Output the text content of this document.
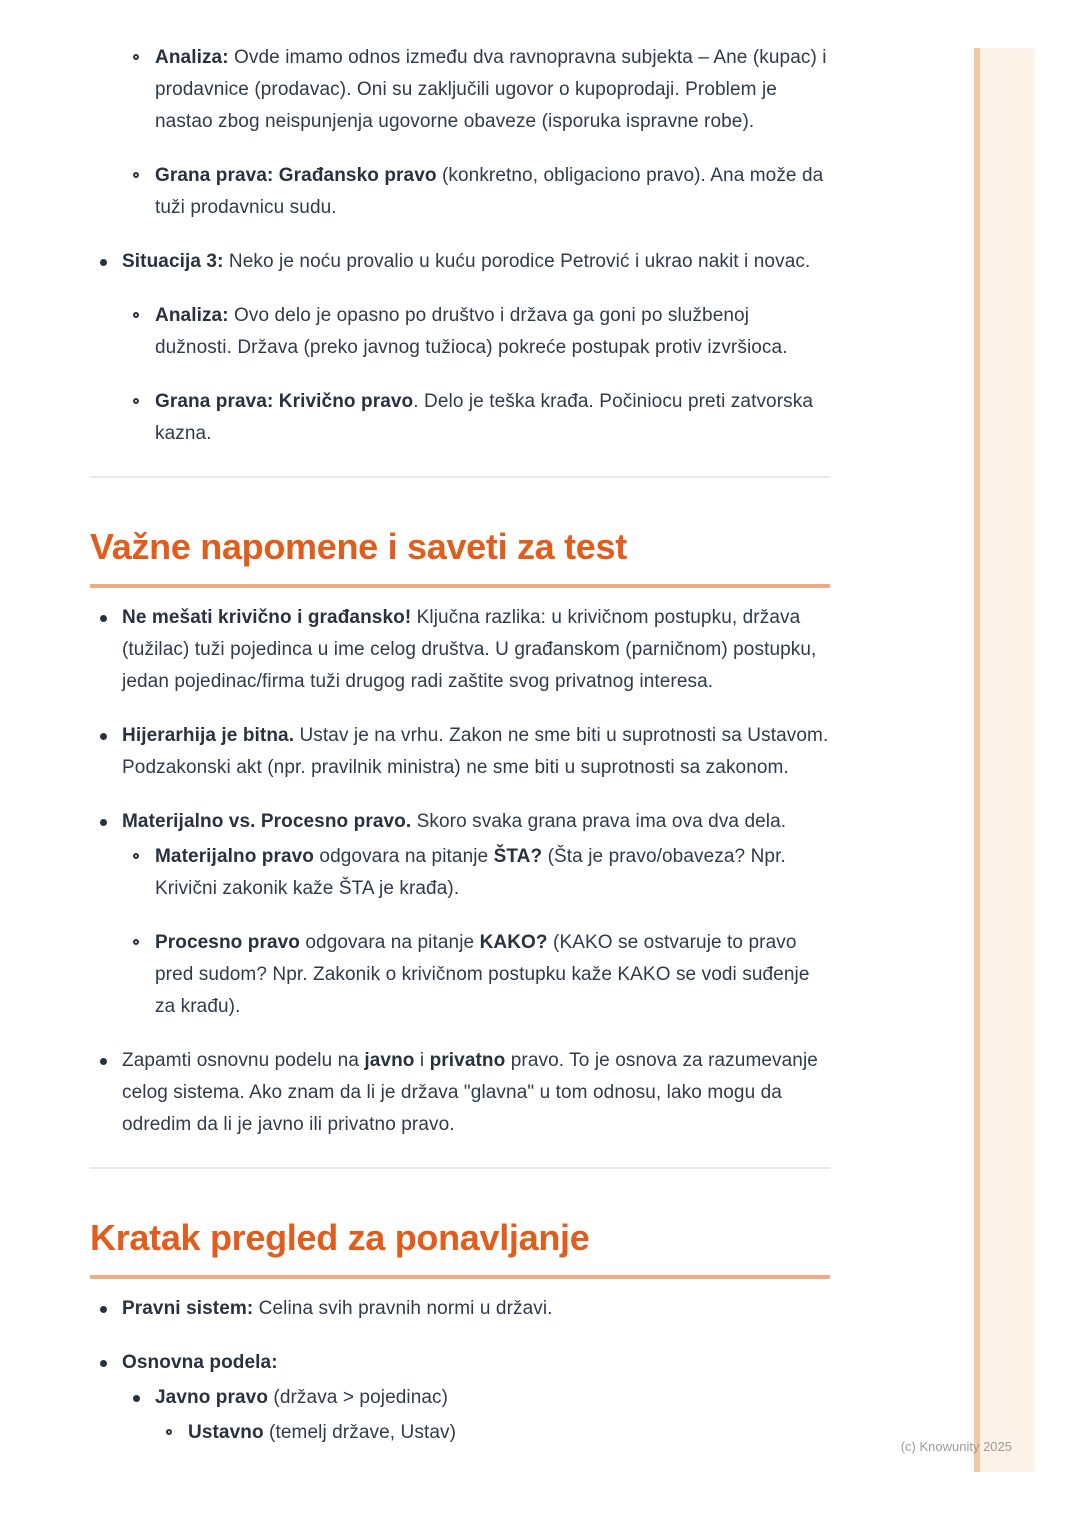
Analiza: Ovde imamo odnos između dva ravnopravna subjekta – Ane (kupac) i prodavnice (prodavac). Oni su zaključili ugovor o kupoprodaji. Problem je nastao zbog neispunjenja ugovorne obaveze (isporuka ispravne robe).
Grana prava: Građansko pravo (konkretno, obligaciono pravo). Ana može da tuži prodavnicu sudu.
Situacija 3: Neko je noću provalio u kuću porodice Petrović i ukrao nakit i novac.
Analiza: Ovo delo je opasno po društvo i država ga goni po službenoj dužnosti. Država (preko javnog tužioca) pokreće postupak protiv izvršioca.
Grana prava: Krivično pravo. Delo je teška krađa. Počiniocu preti zatvorska kazna.
Važne napomene i saveti za test
Ne mešati krivično i građansko! Ključna razlika: u krivičnom postupku, država (tužilac) tuži pojedinca u ime celog društva. U građanskom (parničnom) postupku, jedan pojedinac/firma tuži drugog radi zaštite svog privatnog interesa.
Hijerarhija je bitna. Ustav je na vrhu. Zakon ne sme biti u suprotnosti sa Ustavom. Podzakonski akt (npr. pravilnik ministra) ne sme biti u suprotnosti sa zakonom.
Materijalno vs. Procesno pravo. Skoro svaka grana prava ima ova dva dela.
Materijalno pravo odgovara na pitanje ŠTA? (Šta je pravo/obaveza? Npr. Krivični zakonik kaže ŠTA je krađa).
Procesno pravo odgovara na pitanje KAKO? (KAKO se ostvaruje to pravo pred sudom? Npr. Zakonik o krivičnom postupku kaže KAKO se vodi suđenje za krađu).
Zapamti osnovnu podelu na javno i privatno pravo. To je osnova za razumevanje celog sistema. Ako znam da li je država "glavna" u tom odnosu, lako mogu da odredim da li je javno ili privatno pravo.
Kratak pregled za ponavljanje
Pravni sistem: Celina svih pravnih normi u državi.
Osnovna podela:
Javno pravo (država > pojedinac)
Ustavno (temelj države, Ustav)
(c) Knowunity 2025
